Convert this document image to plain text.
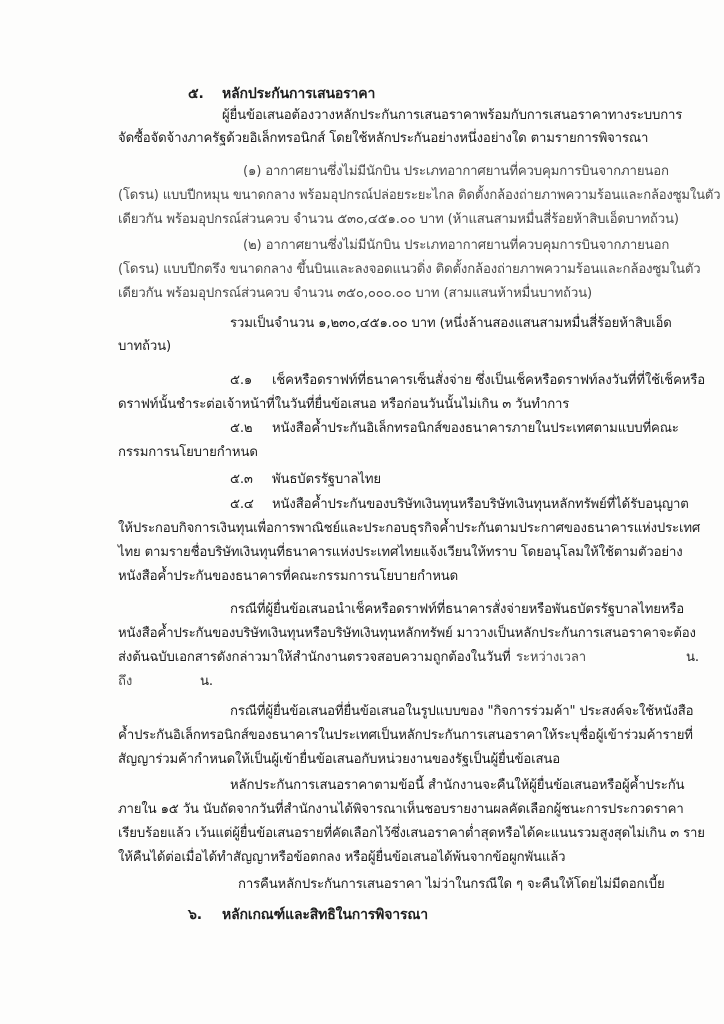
๕. หลักประกันการเสนอราคา
ผู้ยื่นข้อเสนอต้องวางหลักประกันการเสนอราคาพร้อมกับการเสนอราคาทางระบบการ
จัดซื้อจัดจ้างภาครัฐด้วยอิเล็กทรอนิกส์ โดยใช้หลักประกันอย่างหนึ่งอย่างใด ตามรายการพิจารณา
(๑) อากาศยานซึ่งไม่มีนักบิน ประเภทอากาศยานที่ควบคุมการบินจากภายนอก
(โดรน) แบบปีกหมุน ขนาดกลาง พร้อมอุปกรณ์ปล่อยระยะไกล ติดตั้งกล้องถ่ายภาพความร้อนและกล้องซูมในตัว
เดียวกัน พร้อมอุปกรณ์ส่วนควบ จำนวน ๕๓๐,๔๕๑.๐๐ บาท (ห้าแสนสามหมื่นสี่ร้อยห้าสิบเอ็ดบาทถ้วน)
(๒) อากาศยานซึ่งไม่มีนักบิน ประเภทอากาศยานที่ควบคุมการบินจากภายนอก
(โดรน) แบบปีกตรึง ขนาดกลาง ขึ้นบินและลงจอดแนวดิ่ง ติดตั้งกล้องถ่ายภาพความร้อนและกล้องซูมในตัว
เดียวกัน พร้อมอุปกรณ์ส่วนควบ จำนวน ๓๕๐,๐๐๐.๐๐ บาท (สามแสนห้าหมื่นบาทถ้วน)
รวมเป็นจำนวน ๑,๒๓๐,๔๕๑.๐๐ บาท (หนึ่งล้านสองแสนสามหมื่นสี่ร้อยห้าสิบเอ็ด
บาทถ้วน)
๕.๑ เช็คหรือดราฟท์ที่ธนาคารเซ็นสั่งจ่าย ซึ่งเป็นเช็คหรือดราฟท์ลงวันที่ที่ใช้เช็คหรือ
ดราฟท์นั้นชำระต่อเจ้าหน้าที่ในวันที่ยื่นข้อเสนอ หรือก่อนวันนั้นไม่เกิน ๓ วันทำการ
๕.๒ หนังสือค้ำประกันอิเล็กทรอนิกส์ของธนาคารภายในประเทศตามแบบที่คณะ
กรรมการนโยบายกำหนด
๕.๓ พันธบัตรรัฐบาลไทย
๕.๔ หนังสือค้ำประกันของบริษัทเงินทุนหรือบริษัทเงินทุนหลักทรัพย์ที่ได้รับอนุญาต
ให้ประกอบกิจการเงินทุนเพื่อการพาณิชย์และประกอบธุรกิจค้ำประกันตามประกาศของธนาคารแห่งประเทศ
ไทย ตามรายชื่อบริษัทเงินทุนที่ธนาคารแห่งประเทศไทยแจ้งเวียนให้ทราบ โดยอนุโลมให้ใช้ตามตัวอย่าง
หนังสือค้ำประกันของธนาคารที่คณะกรรมการนโยบายกำหนด
กรณีที่ผู้ยื่นข้อเสนอนำเช็คหรือดราฟท์ที่ธนาคารสั่งจ่ายหรือพันธบัตรรัฐบาลไทยหรือ
หนังสือค้ำประกันของบริษัทเงินทุนหรือบริษัทเงินทุนหลักทรัพย์ มาวางเป็นหลักประกันการเสนอราคาจะต้อง
ส่งต้นฉบับเอกสารดังกล่าวมาให้สำนักงานตรวจสอบความถูกต้องในวันที่ ระหว่างเวลา	น.
ถึง	น.
กรณีที่ผู้ยื่นข้อเสนอที่ยื่นข้อเสนอในรูปแบบของ "กิจการร่วมค้า" ประสงค์จะใช้หนังสือ
ค้ำประกันอิเล็กทรอนิกส์ของธนาคารในประเทศเป็นหลักประกันการเสนอราคาให้ระบุชื่อผู้เข้าร่วมค้ารายที่
สัญญาร่วมค้ากำหนดให้เป็นผู้เข้ายื่นข้อเสนอกับหน่วยงานของรัฐเป็นผู้ยื่นข้อเสนอ
หลักประกันการเสนอราคาตามข้อนี้ สำนักงานจะคืนให้ผู้ยื่นข้อเสนอหรือผู้ค้ำประกัน
ภายใน ๑๕ วัน นับถัดจากวันที่สำนักงานได้พิจารณาเห็นชอบรายงานผลคัดเลือกผู้ชนะการประกวดราคา
เรียบร้อยแล้ว เว้นแต่ผู้ยื่นข้อเสนอรายที่คัดเลือกไว้ซึ่งเสนอราคาต่ำสุดหรือได้คะแนนรวมสูงสุดไม่เกิน ๓ ราย
ให้คืนได้ต่อเมื่อได้ทำสัญญาหรือข้อตกลง หรือผู้ยื่นข้อเสนอได้พ้นจากข้อผูกพันแล้ว
การคืนหลักประกันการเสนอราคา ไม่ว่าในกรณีใด ๆ จะคืนให้โดยไม่มีดอกเบี้ย
๖. หลักเกณฑ์และสิทธิในการพิจารณา
